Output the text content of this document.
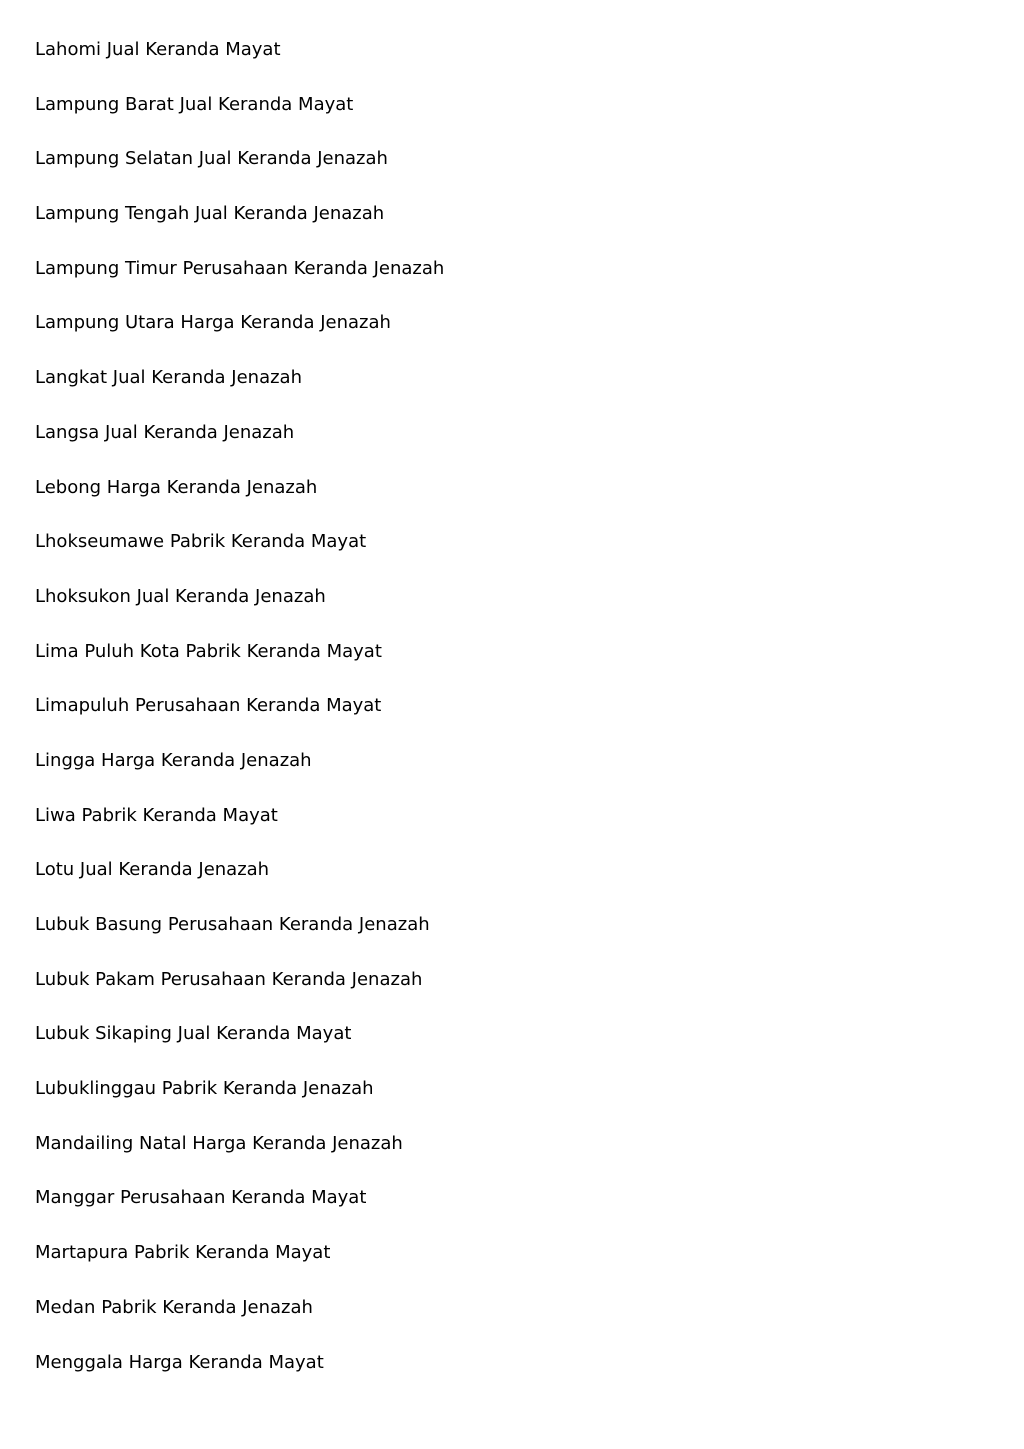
Lahomi Jual Keranda Mayat
Lampung Barat Jual Keranda Mayat
Lampung Selatan Jual Keranda Jenazah
Lampung Tengah Jual Keranda Jenazah
Lampung Timur Perusahaan Keranda Jenazah
Lampung Utara Harga Keranda Jenazah
Langkat Jual Keranda Jenazah
Langsa Jual Keranda Jenazah
Lebong Harga Keranda Jenazah
Lhokseumawe Pabrik Keranda Mayat
Lhoksukon Jual Keranda Jenazah
Lima Puluh Kota Pabrik Keranda Mayat
Limapuluh Perusahaan Keranda Mayat
Lingga Harga Keranda Jenazah
Liwa Pabrik Keranda Mayat
Lotu Jual Keranda Jenazah
Lubuk Basung Perusahaan Keranda Jenazah
Lubuk Pakam Perusahaan Keranda Jenazah
Lubuk Sikaping Jual Keranda Mayat
Lubuklinggau Pabrik Keranda Jenazah
Mandailing Natal Harga Keranda Jenazah
Manggar Perusahaan Keranda Mayat
Martapura Pabrik Keranda Mayat
Medan Pabrik Keranda Jenazah
Menggala Harga Keranda Mayat
